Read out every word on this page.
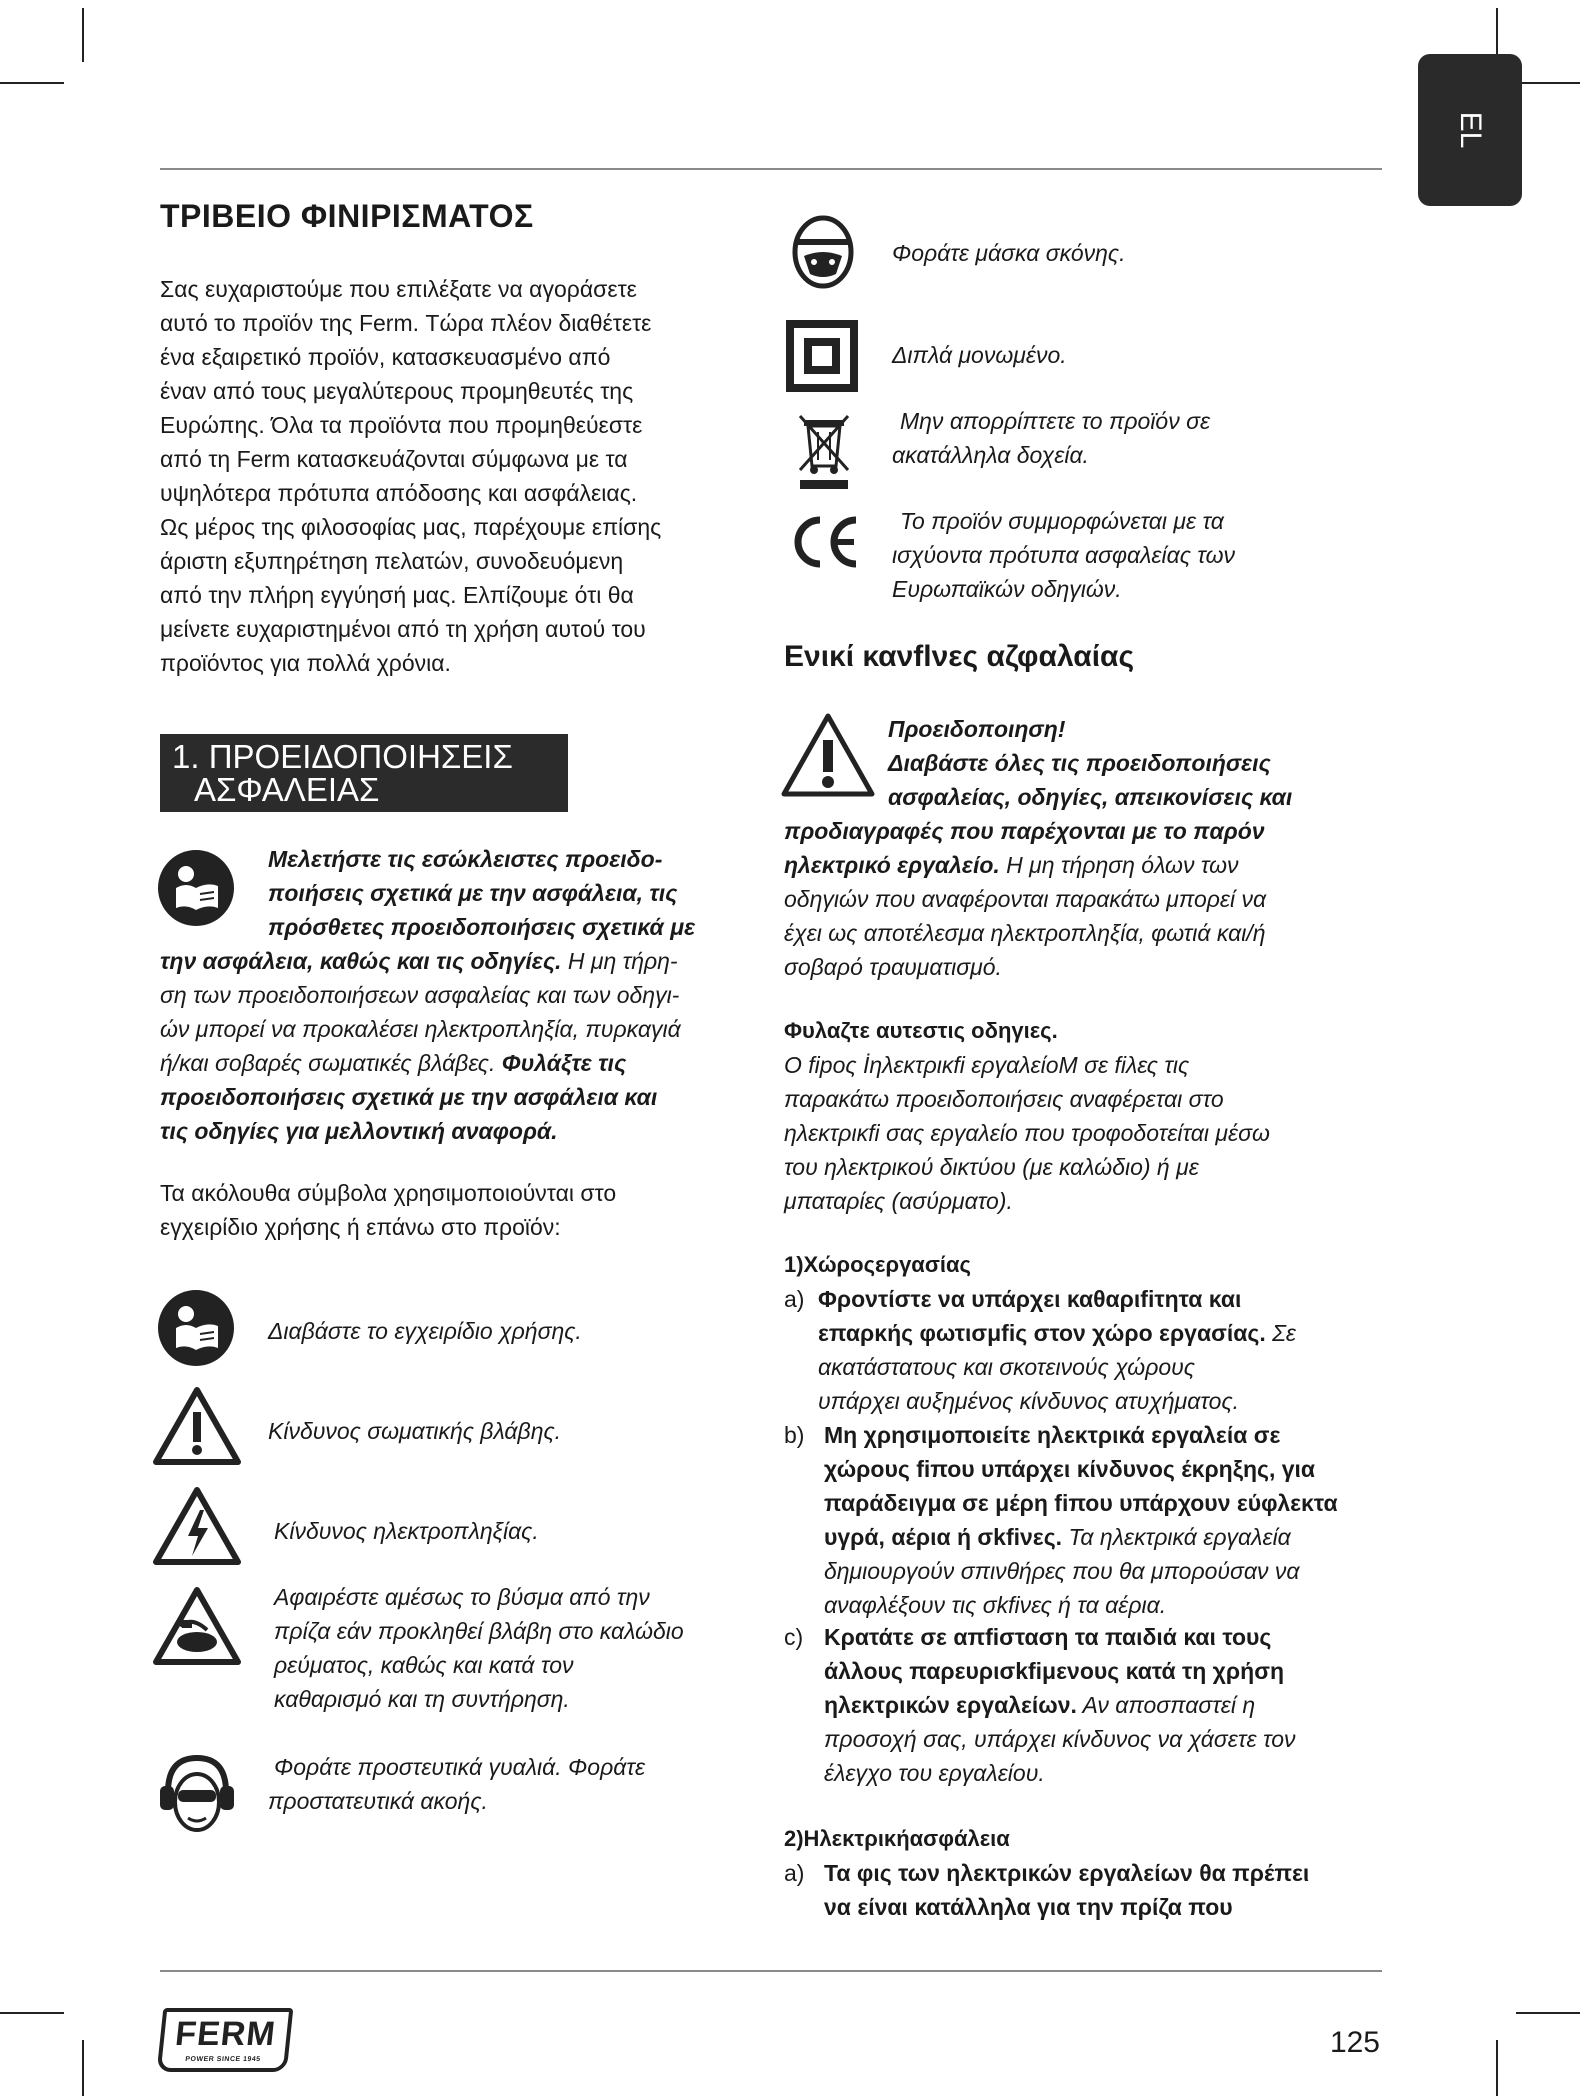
EL
ΤΡΙΒΕΙΟ ΦΙΝΙΡΙΣΜΑΤΟΣ
Σας ευχαριστούμε που επιλέξατε να αγοράσετε
αυτό το προϊόν της Ferm. Τώρα πλέον διαθέτετε
ένα εξαιρετικό προϊόν, κατασκευασμένο από
έναν από τους μεγαλύτερους προμηθευτές της
Ευρώπης. Όλα τα προϊόντα που προμηθεύεστε
από τη Ferm κατασκευάζονται σύμφωνα με τα
υψηλότερα πρότυπα απόδοσης και ασφάλειας.
Ως μέρος της φιλοσοφίας μας, παρέχουμε επίσης
άριστη εξυπηρέτηση πελατών, συνοδευόμενη
από την πλήρη εγγύησή μας. Ελπίζουμε ότι θα
μείνετε ευχαριστημένοι από τη χρήση αυτού του
προϊόντος για πολλά χρόνια.
1. ΠΡΟΕΙΔΟΠΟΙΗΣΕΙΣ
ΑΣΦΑΛΕΙΑΣ
Μελετήστε τις εσώκλειστες προειδο-
ποιήσεις σχετικά με την ασφάλεια, τις
πρόσθετες προειδοποιήσεις σχετικά με
την ασφάλεια, καθώς και τις οδηγίες. Η μη τήρη-
ση των προειδοποιήσεων ασφαλείας και των οδηγι-
ών μπορεί να προκαλέσει ηλεκτροπληξία, πυρκαγιά
ή/και σοβαρές σωματικές βλάβες. Φυλάξτε τις
προειδοποιήσεις σχετικά με την ασφάλεια και
τις οδηγίες για μελλοντική αναφορά.
Τα ακόλουθα σύμβολα χρησιμοποιούνται στο
εγχειρίδιο χρήσης ή επάνω στο προϊόν:
Διαβάστε το εγχειρίδιο χρήσης.
Κίνδυνος σωματικής βλάβης.
Κίνδυνος ηλεκτροπληξίας.
Αφαιρέστε αμέσως το βύσμα από την
πρίζα εάν προκληθεί βλάβη στο καλώδιο
ρεύματος, καθώς και κατά τον
καθαρισμό και τη συντήρηση.
Φοράτε προστευτικά γυαλιά. Φοράτε
προστατευτικά ακοής.
Φοράτε μάσκα σκόνης.
Διπλά μονωμένο.
Μην απορρίπτετε το προϊόν σε
ακατάλληλα δοχεία.
Το προϊόν συμμορφώνεται με τα
ισχύοντα πρότυπα ασφαλείας των
Ευρωπαϊκών οδηγιών.
Ενικί κανflνες αζφαλαίας
Προειδοποιηση!
Διαβάστε όλες τις προειδοποιήσεις
ασφαλείας, οδηγίες, απεικονίσεις και
προδιαγραφές που παρέχονται με το παρόν
ηλεκτρικό εργαλείο. Η μη τήρηση όλων των
οδηγιών που αναφέρονται παρακάτω μπορεί να
έχει ως αποτέλεσμα ηλεκτροπληξία, φωτιά και/ή
σοβαρό τραυματισμό.
Φυλαζτε αυτεστις οδηγιες.
Ο fipος İηλεκτρικfi εργαλείοM σε fiλες τις
παρακάτω προειδοποιήσεις αναφέρεται στο
ηλεκτρικfi σας εργαλείο που τροφοδοτείται μέσω
του ηλεκτρικού δικτύου (με καλώδιο) ή με
μπαταρίες (ασύρματο).
1)Χώροςεργασίας
a) Φροντίστε να υπάρχει καθαριfiτητα και
επαρκής φωτισμfiς στον χώρο εργασίας. Σε
ακατάστατους και σκοτεινούς χώρους
υπάρχει αυξημένος κίνδυνος ατυχήματος.
b) Μη χρησιμοποιείτε ηλεκτρικά εργαλεία σε
χώρους fiπου υπάρχει κίνδυνος έκρηξης, για
παράδειγμα σε μέρη fiπου υπάρχουν εύφλεκτα
υγρά, αέρια ή σkfiνες. Τα ηλεκτρικά εργαλεία
δημιουργούν σπινθήρες που θα μπορούσαν να
αναφλέξουν τις σkfiνες ή τα αέρια.
c) Κρατάτε σε απfiσταση τα παιδιά και τους
άλλους παρευρισkfiμενους κατά τη χρήση
ηλεκτρικών εργαλείων. Αν αποσπαστεί η
προσοχή σας, υπάρχει κίνδυνος να χάσετε τον
έλεγχο του εργαλείου.
2)Ηλεκτρικήασφάλεια
a) Τα φις των ηλεκτρικών εργαλείων θα πρέπει
να είναι κατάλληλα για την πρίζα που
FERM
POWER SINCE 1945
125
